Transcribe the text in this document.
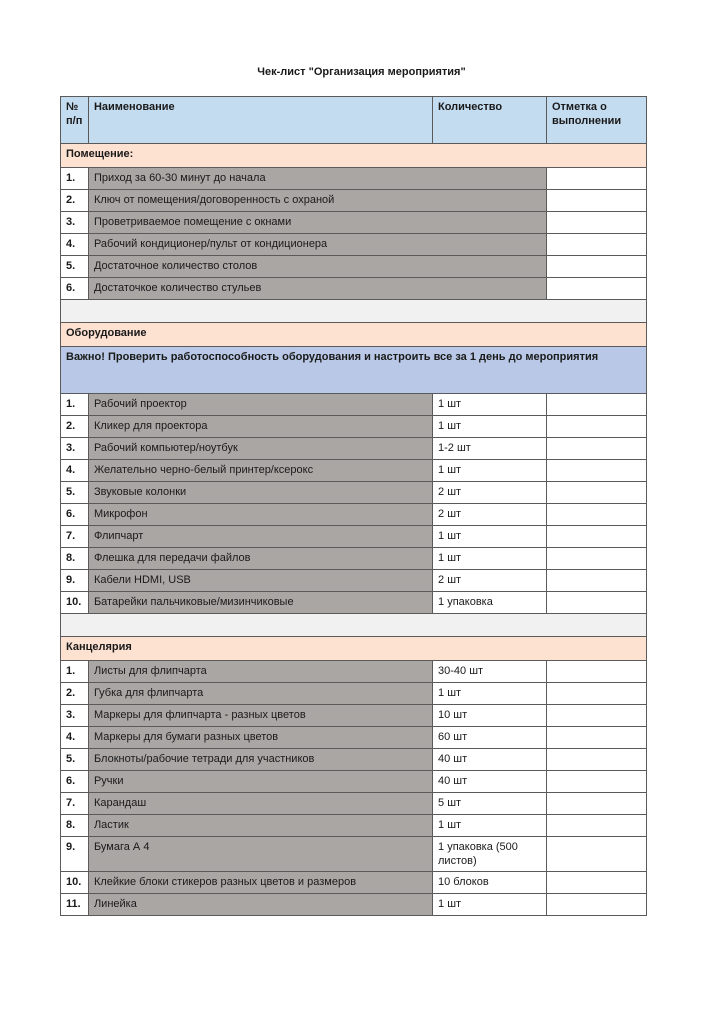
Чек-лист "Организация мероприятия"
№ п/п	Наименование	Количество	Отметка о выполнении
Помещение:			
1.	Приход за 60-30 минут до начала		
2.	Ключ от помещения/договоренность с охраной		
3.	Проветриваемое помещение с окнами		
4.	Рабочий кондиционер/пульт от кондиционера		
5.	Достаточное количество столов		
6.	Достаточкое количество стульев		

Оборудование			
Важно! Проверить работоспособность оборудования и настроить все за 1 день до мероприятия			
1.	Рабочий проектор	1 шт	
2.	Кликер для проектора	1 шт	
3.	Рабочий компьютер/ноутбук	1-2 шт	
4.	Желательно черно-белый принтер/ксерокс	1 шт	
5.	Звуковые колонки	2 шт	
6.	Микрофон	2 шт	
7.	Флипчарт	1 шт	
8.	Флешка для передачи файлов	1 шт	
9.	Кабели HDMI, USB	2 шт	
10.	Батарейки пальчиковые/мизинчиковые	1 упаковка	

Канцелярия			
1.	Листы для флипчарта	30-40 шт	
2.	Губка для флипчарта	1 шт	
3.	Маркеры для флипчарта - разных цветов	10 шт	
4.	Маркеры для бумаги разных цветов	60 шт	
5.	Блокноты/рабочие тетради для участников	40 шт	
6.	Ручки	40 шт	
7.	Карандаш	5 шт	
8.	Ластик	1 шт	
9.	Бумага А 4	1 упаковка (500 листов)	
10.	Клейкие блоки стикеров разных цветов и размеров	10 блоков	
11.	Линейка	1 шт	
